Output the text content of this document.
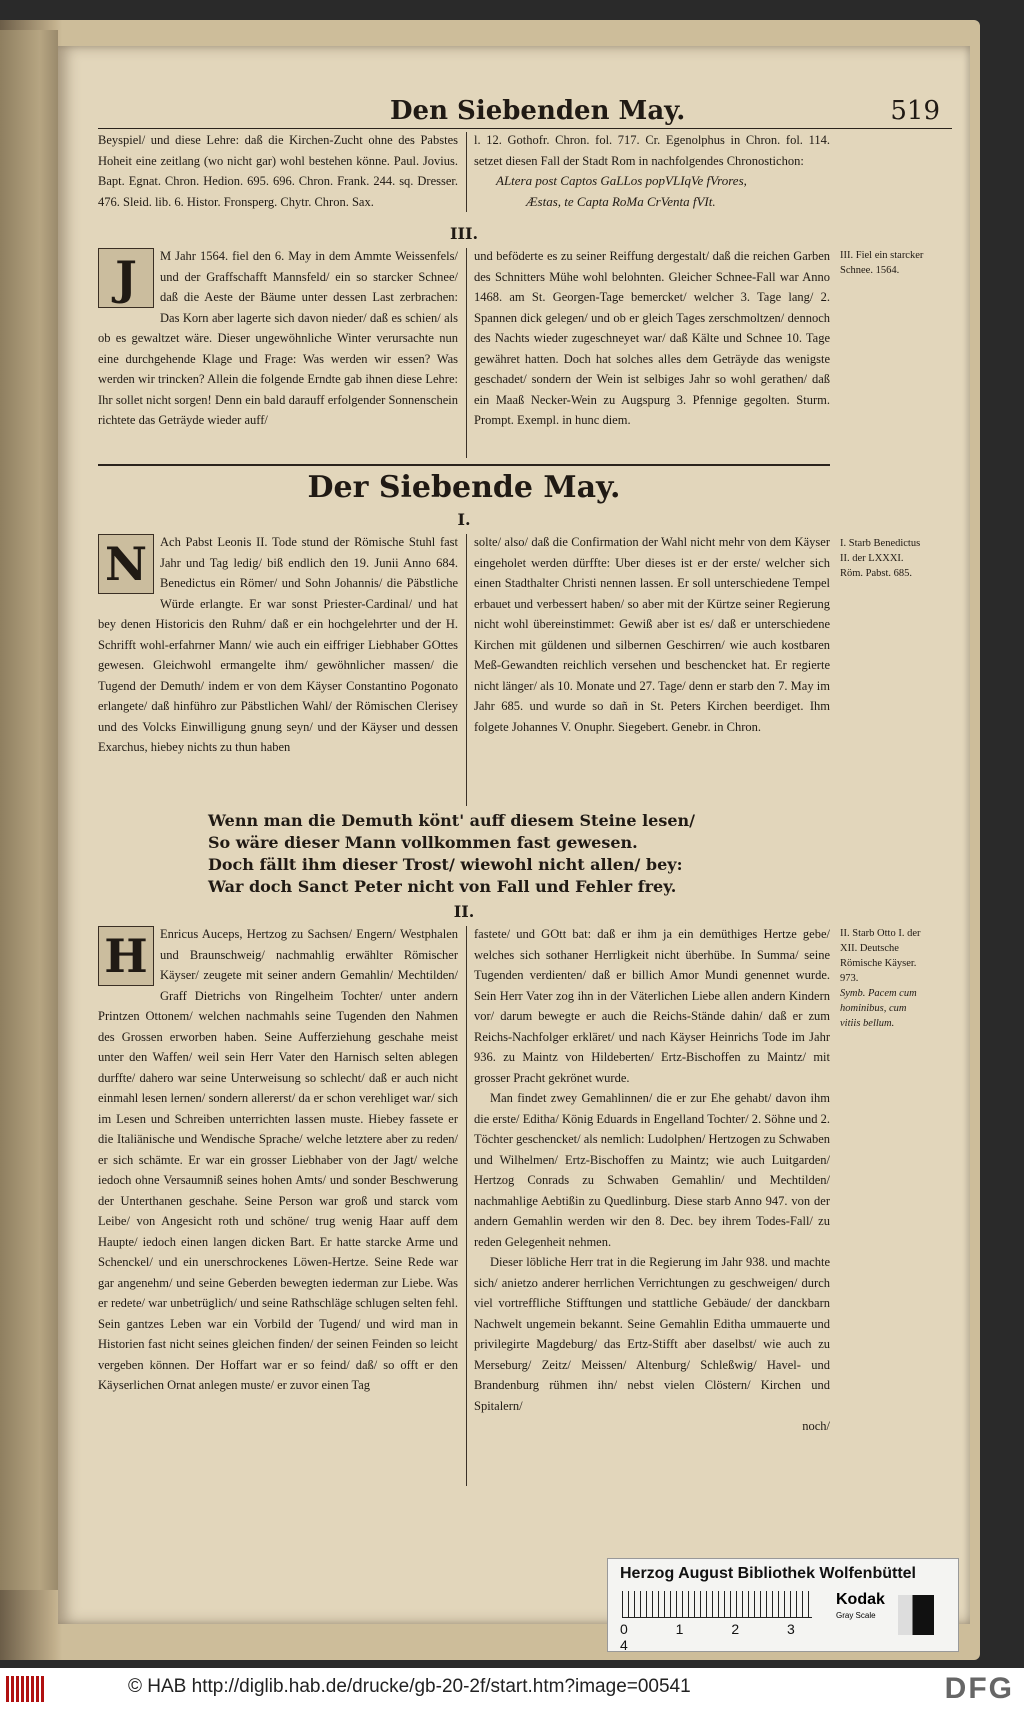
Den Siebenden May.	519

Beyspiel/ und diese Lehre: daß die Kirchen-Zucht ohne des Pabstes Hoheit eine zeitlang (wo nicht gar) wohl bestehen könne. Paul. Jovius. Bapt. Egnat. Chron. Hedion. 695. 696. Chron. Frank. 244. sq. Dresser. 476. Sleid. lib. 6. Histor. Fronsperg. Chytr. Chron. Sax.

l. 12. Gothofr. Chron. fol. 717. Cr. Egenolphus in Chron. fol. 114. setzet diesen Fall der Stadt Rom in nachfolgendes Chronostichon:

ALtera post Captos GaLLos popVLIqVe fVrores,

Æstas, te Capta RoMa CrVenta fVIt.

III.

J	M Jahr 1564. fiel den 6. May in dem Ammte Weissenfels/ und der Graffschafft Mannsfeld/ ein so starcker Schnee/ daß die Aeste der Bäume unter dessen Last zerbrachen: Das Korn aber lagerte sich davon nieder/ daß es schien/ als ob es gewaltzet wäre. Dieser ungewöhnliche Winter verursachte nun eine durchgehende Klage und Frage: Was werden wir essen? Was werden wir trincken? Allein die folgende Erndte gab ihnen diese Lehre: Ihr sollet nicht sorgen! Denn ein bald darauff erfolgender Sonnenschein richtete das Geträyde wieder auff/

und beföderte es zu seiner Reiffung dergestalt/ daß die reichen Garben des Schnitters Mühe wohl belohnten. Gleicher Schnee-Fall war Anno 1468. am St. Georgen-Tage bemercket/ welcher 3. Tage lang/ 2. Spannen dick gelegen/ und ob er gleich Tages zerschmoltzen/ dennoch des Nachts wieder zugeschneyet war/ daß Kälte und Schnee 10. Tage gewähret hatten. Doch hat solches alles dem Geträyde das wenigste geschadet/ sondern der Wein ist selbiges Jahr so wohl gerathen/ daß ein Maaß Necker-Wein zu Augspurg 3. Pfennige gegolten. Sturm. Prompt. Exempl. in hunc diem.

III. Fiel ein starcker Schnee. 1564.
Der Siebende May.
I.

N	Ach Pabst Leonis II. Tode stund der Römische Stuhl fast Jahr und Tag ledig/ biß endlich den 19. Junii Anno 684. Benedictus ein Römer/ und Sohn Johannis/ die Päbstliche Würde erlangte. Er war sonst Priester-Cardinal/ und hat bey denen Historicis den Ruhm/ daß er ein hochgelehrter und der H. Schrifft wohl-erfahrner Mann/ wie auch ein eiffriger Liebhaber GOttes gewesen. Gleichwohl ermangelte ihm/ gewöhnlicher massen/ die Tugend der Demuth/ indem er von dem Käyser Constantino Pogonato erlangete/ daß hinführo zur Päbstlichen Wahl/ der Römischen Clerisey und des Volcks Einwilligung gnung seyn/ und der Käyser und dessen Exarchus, hiebey nichts zu thun haben

solte/ also/ daß die Confirmation der Wahl nicht mehr von dem Käyser eingeholet werden dürffte: Uber dieses ist er der erste/ welcher sich einen Stadthalter Christi nennen lassen. Er soll unterschiedene Tempel erbauet und verbessert haben/ so aber mit der Kürtze seiner Regierung nicht wohl übereinstimmet: Gewiß aber ist es/ daß er unterschiedene Kirchen mit güldenen und silbernen Geschirren/ wie auch kostbaren Meß-Gewandten reichlich versehen und beschencket hat. Er regierte nicht länger/ als 10. Monate und 27. Tage/ denn er starb den 7. May im Jahr 685. und wurde so dañ in St. Peters Kirchen beerdiget. Ihm folgete Johannes V. Onuphr. Siegebert. Genebr. in Chron.

I. Starb Benedictus II. der LXXXI. Röm. Pabst. 685.
Wenn man die Demuth könt' auff diesem Steine lesen/
So wäre dieser Mann vollkommen fast gewesen.
Doch fällt ihm dieser Trost/ wiewohl nicht allen/ bey:
War doch Sanct Peter nicht von Fall und Fehler frey.
II.

H Enricus Auceps, Hertzog zu Sachsen/ Engern/ Westphalen und Braunschweig/ nachmahlig erwählter Römischer Käyser/ zeugete mit seiner andern Gemahlin/ Mechtilden/ Graff Dietrichs von Ringelheim Tochter/ unter andern Printzen Ottonem/ welchen nachmahls seine Tugenden den Nahmen des Grossen erworben haben. Seine Aufferziehung geschahe meist unter den Waffen/ weil sein Herr Vater den Harnisch selten ablegen durffte/ dahero war seine Unterweisung so schlecht/ daß er auch nicht einmahl lesen lernen/ sondern allererst/ da er schon verehliget war/ sich im Lesen und Schreiben unterrichten lassen muste. Hiebey fassete er die Italiänische und Wendische Sprache/ welche letztere aber zu reden/ er sich schämte. Er war ein grosser Liebhaber von der Jagt/ welche iedoch ohne Versaumniß seines hohen Amts/ und sonder Beschwerung der Unterthanen geschahe. Seine Person war groß und starck vom Leibe/ von Angesicht roth und schöne/ trug wenig Haar auff dem Haupte/ iedoch einen langen dicken Bart. Er hatte starcke Arme und Schenckel/ und ein unerschrockenes Löwen-Hertze. Seine Rede war gar angenehm/ und seine Geberden bewegten iederman zur Liebe. Was er redete/ war unbetrüglich/ und seine Rathschläge schlugen selten fehl. Sein gantzes Leben war ein Vorbild der Tugend/ und wird man in Historien fast nicht seines gleichen finden/ der seinen Feinden so leicht vergeben können. Der Hoffart war er so feind/ daß/ so offt er den Käyserlichen Ornat anlegen muste/ er zuvor einen Tag

fastete/ und GOtt bat: daß er ihm ja ein demüthiges Hertze gebe/ welches sich sothaner Herrligkeit nicht überhübe. In Summa/ seine Tugenden verdienten/ daß er billich Amor Mundi genennet wurde. Sein Herr Vater zog ihn in der Väterlichen Liebe allen andern Kindern vor/ darum bewegte er auch die Reichs-Stände dahin/ daß er zum Reichs-Nachfolger erkläret/ und nach Käyser Heinrichs Tode im Jahr 936. zu Maintz von Hildeberten/ Ertz-Bischoffen zu Maintz/ mit grosser Pracht gekrönet wurde.

Man findet zwey Gemahlinnen/ die er zur Ehe gehabt/ davon ihm die erste/ Editha/ König Eduards in Engelland Tochter/ 2. Söhne und 2. Töchter geschencket/ als nemlich: Ludolphen/ Hertzogen zu Schwaben und Wilhelmen/ Ertz-Bischoffen zu Maintz; wie auch Luitgarden/ Hertzog Conrads zu Schwaben Gemahlin/ und Mechtilden/ nachmahlige Aebtißin zu Quedlinburg. Diese starb Anno 947. von der andern Gemahlin werden wir den 8. Dec. bey ihrem Todes-Fall/ zu reden Gelegenheit nehmen.

Dieser löbliche Herr trat in die Regierung im Jahr 938. und machte sich/ anietzo anderer herrlichen Verrichtungen zu geschweigen/ durch viel vortreffliche Stifftungen und stattliche Gebäude/ der danckbarn Nachwelt ungemein bekannt. Seine Gemahlin Editha ummauerte und privilegirte Magdeburg/ das Ertz-Stifft aber daselbst/ wie auch zu Merseburg/ Zeitz/ Meissen/ Altenburg/ Schleßwig/ Havel- und Brandenburg rühmen ihn/ nebst vielen Clöstern/ Kirchen und Spitalern/

noch/

II. Starb Otto I. der XII. Deutsche Römische Käyser. 973.
Symb. Pacem cum hominibus, cum vitiis bellum.
Herzog August Bibliothek Wolfenbüttel
0 1 2 3 4
Kodak
Gray Scale
© HAB http://diglib.hab.de/drucke/gb-20-2f/start.htm?image=00541	DFG
